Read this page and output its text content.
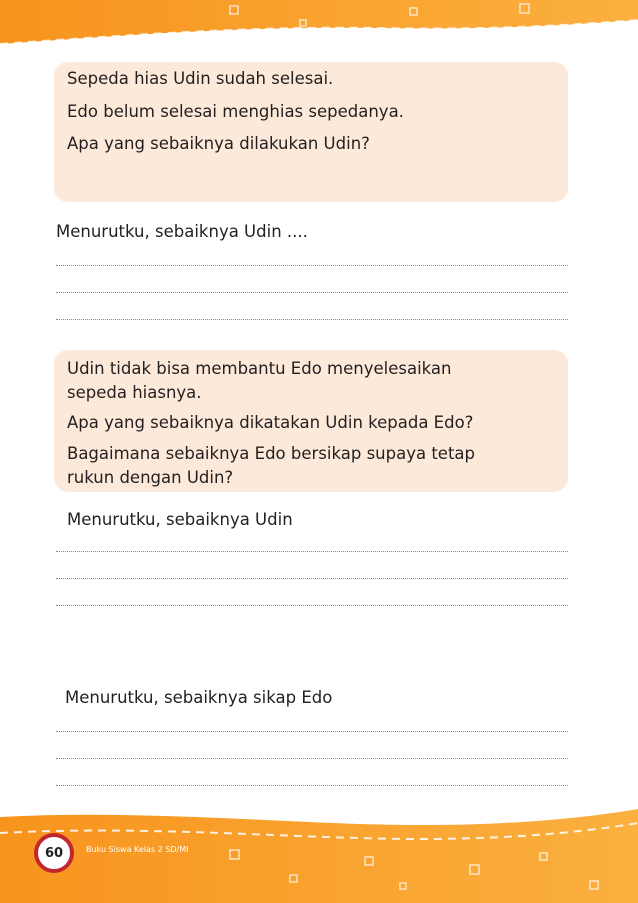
Sepeda hias Udin sudah selesai.
Edo belum selesai menghias sepedanya.
Apa yang sebaiknya dilakukan Udin?
Menurutku, sebaiknya Udin ....
Udin tidak bisa membantu Edo menyelesaikan
sepeda hiasnya.
Apa yang sebaiknya dikatakan Udin kepada Edo?
Bagaimana sebaiknya Edo bersikap supaya tetap
rukun dengan Udin?
Menurutku, sebaiknya Udin
Menurutku, sebaiknya sikap Edo
60	Buku Siswa Kelas 2 SD/MI
